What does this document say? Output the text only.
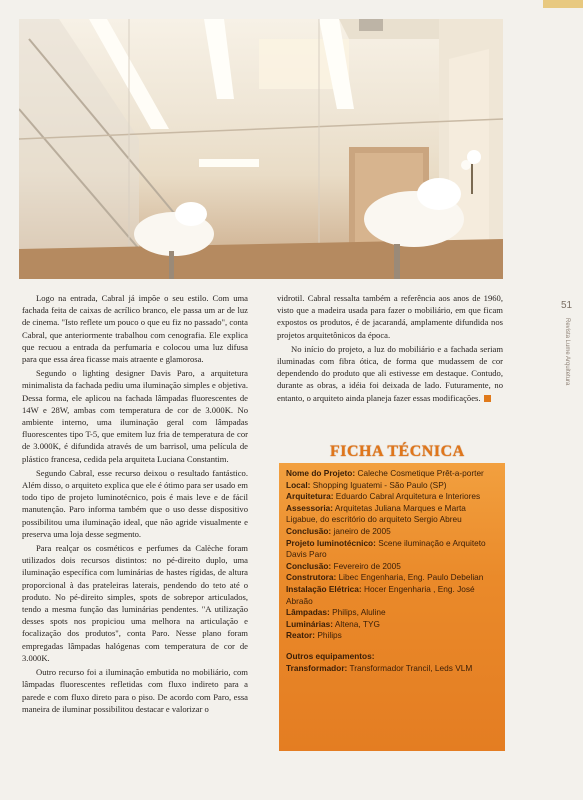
Logo na entrada, Cabral já impõe o seu estilo. Com uma fachada feita de caixas de acrílico branco, ele passa um ar de luz de cinema. "Isto reflete um pouco o que eu fiz no passado", conta Cabral, que anteriormente trabalhou com cenografia. Ele explica que recuou a entrada da perfumaria e colocou uma luz difusa para que essa área ficasse mais atraente e glamorosa.

Segundo o lighting designer Davis Paro, a arquitetura minimalista da fachada pediu uma iluminação simples e objetiva. Dessa forma, ele aplicou na fachada lâmpadas fluorescentes de 14W e 28W, ambas com temperatura de cor de 3.000K. No ambiente interno, uma iluminação geral com lâmpadas fluorescentes tipo T-5, que emitem luz fria de temperatura de cor de 3.000K, é difundida através de um barrisol, uma película de plástico francesa, cedida pela arquiteta Luciana Constantim.

Segundo Cabral, esse recurso deixou o resultado fantástico. Além disso, o arquiteto explica que ele é ótimo para ser usado em todo tipo de projeto luminotécnico, pois é mais leve e de fácil manutenção. Paro informa também que o uso desse dispositivo possibilitou uma iluminação ideal, que não agride visualmente e preserva uma loja desse segmento.

Para realçar os cosméticos e perfumes da Calèche foram utilizados dois recursos distintos: no pé-direito duplo, uma iluminação específica com luminárias de hastes rígidas, de altura proporcional à das prateleiras laterais, pendendo do teto até o produto. No pé-direito simples, spots de sobrepor articulados, tendo a mesma função das luminárias pendentes. "A utilização desses spots nos propiciou uma melhora na articulação e focalização dos produtos", conta Paro. Nesse plano foram empregadas lâmpadas halógenas com temperatura de cor de 3.000K.

Outro recurso foi a iluminação embutida no mobiliário, com lâmpadas fluorescentes refletidas com fluxo indireto para a parede e com fluxo direto para o piso. De acordo com Paro, essa maneira de iluminar possibilitou destacar e valorizar o

vidrotil. Cabral ressalta também a referência aos anos de 1960, visto que a madeira usada para fazer o mobiliário, em que ficam expostos os produtos, é de jacarandá, amplamente difundida nos projetos arquitetônicos da época.

No início do projeto, a luz do mobiliário e a fachada seriam iluminadas com fibra ótica, de forma que mudassem de cor dependendo do produto que ali estivesse em destaque. Contudo, durante as obras, a idéia foi deixada de lado. Futuramente, no entanto, o arquiteto ainda planeja fazer essas modificações.

FICHA TÉCNICA
Nome do Projeto: Caleche Cosmetique Prêt-a-porter
Local: Shopping Iguatemi - São Paulo (SP)
Arquitetura: Eduardo Cabral Arquitetura e Interiores
Assessoria: Arquitetas Juliana Marques e Marta Ligabue, do escritório do arquiteto Sergio Abreu
Conclusão: janeiro de 2005
Projeto luminotécnico: Scene iluminação e Arquiteto Davis Paro
Conclusão: Fevereiro de 2005
Construtora: Libec Engenharia, Eng. Paulo Debelian
Instalação Elétrica: Hocer Engenharia , Eng. José Abraão
Lâmpadas: Philips, Aluline
Luminárias: Altena, TYG
Reator: Philips
Outros equipamentos:
Transformador: Transformador Trancil, Leds VLM
51
Revista Lume Arquitetura
